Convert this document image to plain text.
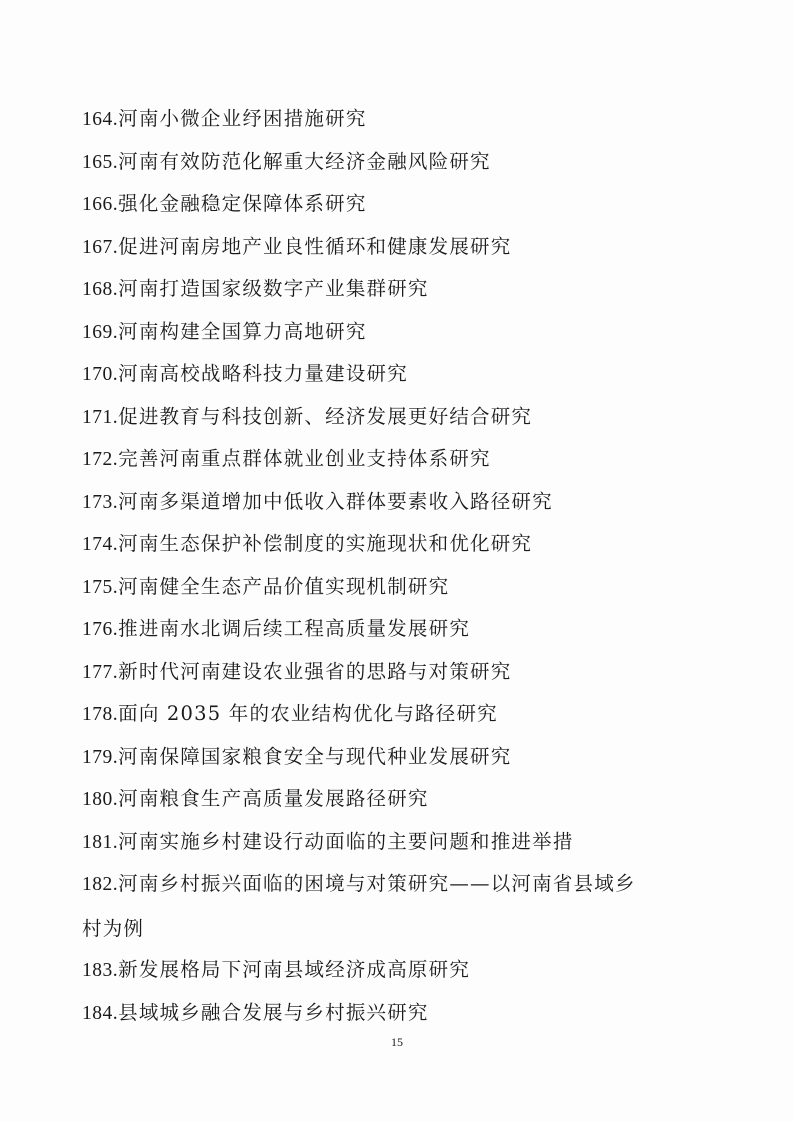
164.河南小微企业纾困措施研究
165.河南有效防范化解重大经济金融风险研究
166.强化金融稳定保障体系研究
167.促进河南房地产业良性循环和健康发展研究
168.河南打造国家级数字产业集群研究
169.河南构建全国算力高地研究
170.河南高校战略科技力量建设研究
171.促进教育与科技创新、经济发展更好结合研究
172.完善河南重点群体就业创业支持体系研究
173.河南多渠道增加中低收入群体要素收入路径研究
174.河南生态保护补偿制度的实施现状和优化研究
175.河南健全生态产品价值实现机制研究
176.推进南水北调后续工程高质量发展研究
177.新时代河南建设农业强省的思路与对策研究
178.面向 2035 年的农业结构优化与路径研究
179.河南保障国家粮食安全与现代种业发展研究
180.河南粮食生产高质量发展路径研究
181.河南实施乡村建设行动面临的主要问题和推进举措
182.河南乡村振兴面临的困境与对策研究——以河南省县域乡
村为例
183.新发展格局下河南县域经济成高原研究
184.县域城乡融合发展与乡村振兴研究
15
